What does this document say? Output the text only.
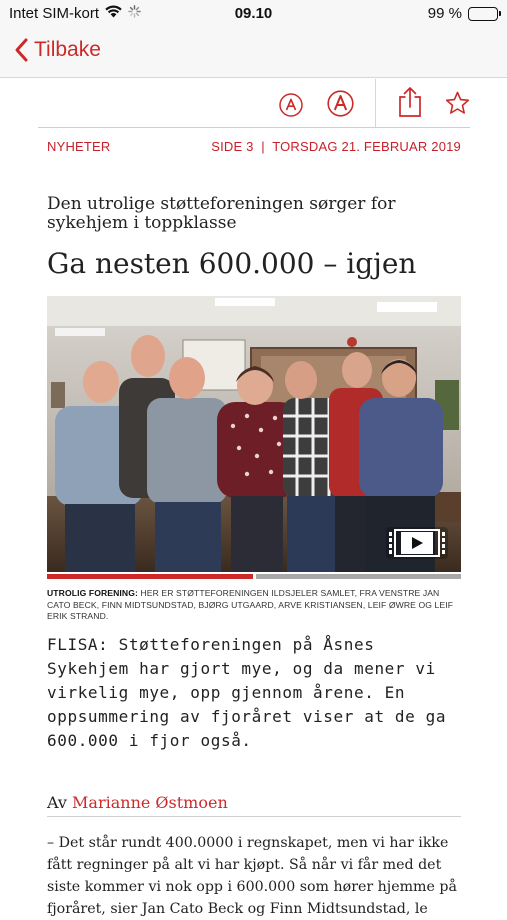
Intet SIM-kort	09.10	99 %
Tilbake
NYHETER	SIDE 3  |  TORSDAG 21. FEBRUAR 2019
Den utrolige støtteforeningen sørger for sykehjem i toppklasse
Ga nesten 600.000 – igjen
UTROLIG FORENING: HER ER STØTTEFORENINGEN ILDSJELER SAMLET, FRA VENSTRE JAN CATO BECK, FINN MIDTSUNDSTAD, BJØRG UTGAARD, ARVE KRISTIANSEN, LEIF ØWRE OG LEIF ERIK STRAND.
FLISA: Støtteforeningen på Åsnes Sykehjem har gjort mye, og da mener vi virkelig mye, opp gjennom årene. En oppsummering av fjoråret viser at de ga 600.000 i fjor også.
Av Marianne Østmoen
– Det står rundt 400.0000 i regnskapet, men vi har ikke fått regninger på alt vi har kjøpt. Så når vi får med det siste kommer vi nok opp i 600.000 som hører hjemme på fjoråret, sier Jan Cato Beck og Finn Midtsundstad, le
